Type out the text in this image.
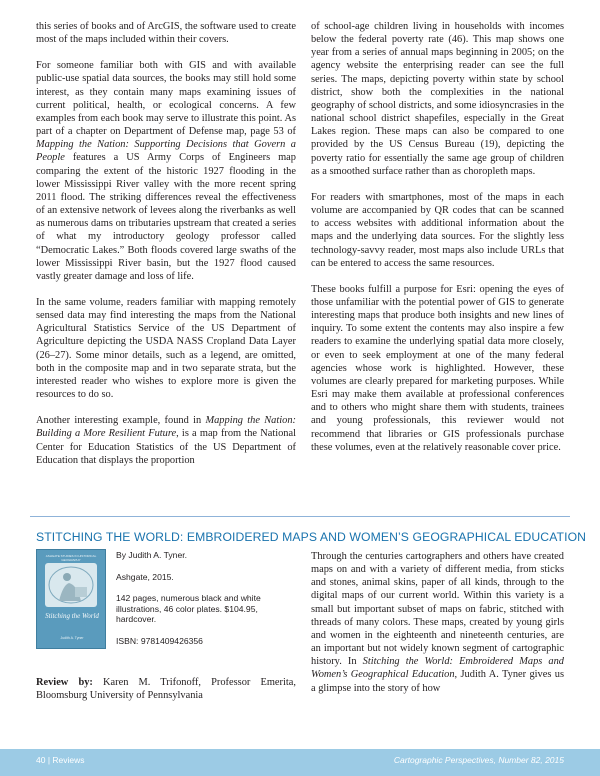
this series of books and of ArcGIS, the software used to create most of the maps included within their covers.

For someone familiar both with GIS and with available public-use spatial data sources, the books may still hold some interest, as they contain many maps examining issues of current political, health, or ecological concerns. A few examples from each book may serve to illustrate this point. As part of a chapter on Department of Defense map, page 53 of Mapping the Nation: Supporting Decisions that Govern a People features a US Army Corps of Engineers map comparing the extent of the historic 1927 flooding in the lower Mississippi River valley with the more recent spring 2011 flood. The striking differences reveal the effectiveness of an extensive network of levees along the riverbanks as well as numerous dams on tributaries upstream that created a series of what my introductory geology professor called “Democratic Lakes.” Both floods covered large swaths of the lower Mississippi River basin, but the 1927 flood caused vastly greater damage and loss of life.

In the same volume, readers familiar with mapping remotely sensed data may find interesting the maps from the National Agricultural Statistics Service of the US Department of Agriculture depicting the USDA NASS Cropland Data Layer (26–27). Some minor details, such as a legend, are omitted, both in the composite map and in two separate strata, but the interested reader who wishes to explore more is given the resources to do so.

Another interesting example, found in Mapping the Nation: Building a More Resilient Future, is a map from the National Center for Education Statistics of the US Department of Education that displays the proportion

of school-age children living in households with incomes below the federal poverty rate (46). This map shows one year from a series of annual maps beginning in 2005; on the agency website the enterprising reader can see the full series. The maps, depicting poverty within state by school district, show both the complexities in the national geography of school districts, and some idiosyncrasies in the national school district shapefiles, especially in the Great Lakes region. These maps can also be compared to one provided by the US Census Bureau (19), depicting the poverty ratio for essentially the same age group of children as a smoothed surface rather than as choropleth maps.

For readers with smartphones, most of the maps in each volume are accompanied by QR codes that can be scanned to access websites with additional information about the maps and the underlying data sources. For the slightly less technology-savvy reader, most maps also include URLs that can be entered to access the same resources.

These books fulfill a purpose for Esri: opening the eyes of those unfamiliar with the potential power of GIS to generate interesting maps that produce both insights and new lines of inquiry. To some extent the contents may also inspire a few readers to examine the underlying spatial data more closely, or even to seek employment at one of the many federal agencies whose work is highlighted. However, these volumes are clearly prepared for marketing purposes. While Esri may make them available at professional conferences and to others who might share them with students, trainees and young professionals, this reviewer would not recommend that libraries or GIS professionals purchase these volumes, even at the relatively reasonable cover price.

STITCHING THE WORLD: EMBROIDERED MAPS AND WOMEN’S GEOGRAPHICAL EDUCATION
ASHGATE STUDIES IN HISTORICAL GEOGRAPHY
Stitching the World
Judith A. Tyner
By Judith A. Tyner.
Ashgate, 2015.
142 pages, numerous black and white illustrations, 46 color plates. $104.95, hardcover.
ISBN: 9781409426356
Review by: Karen M. Trifonoff, Professor Emerita, Bloomsburg University of Pennsylvania

Through the centuries cartographers and others have created maps on and with a variety of different media, from sticks and stones, animal skins, paper of all kinds, through to the digital maps of our current world. Within this variety is a small but important subset of maps on fabric, stitched with threads of many colors. These maps, created by young girls and women in the eighteenth and nineteenth centuries, are an important but not widely known segment of cartographic history. In Stitching the World: Embroidered Maps and Women’s Geographical Education, Judith A. Tyner gives us a glimpse into the story of how

40 | Reviews	Cartographic Perspectives, Number 82, 2015
